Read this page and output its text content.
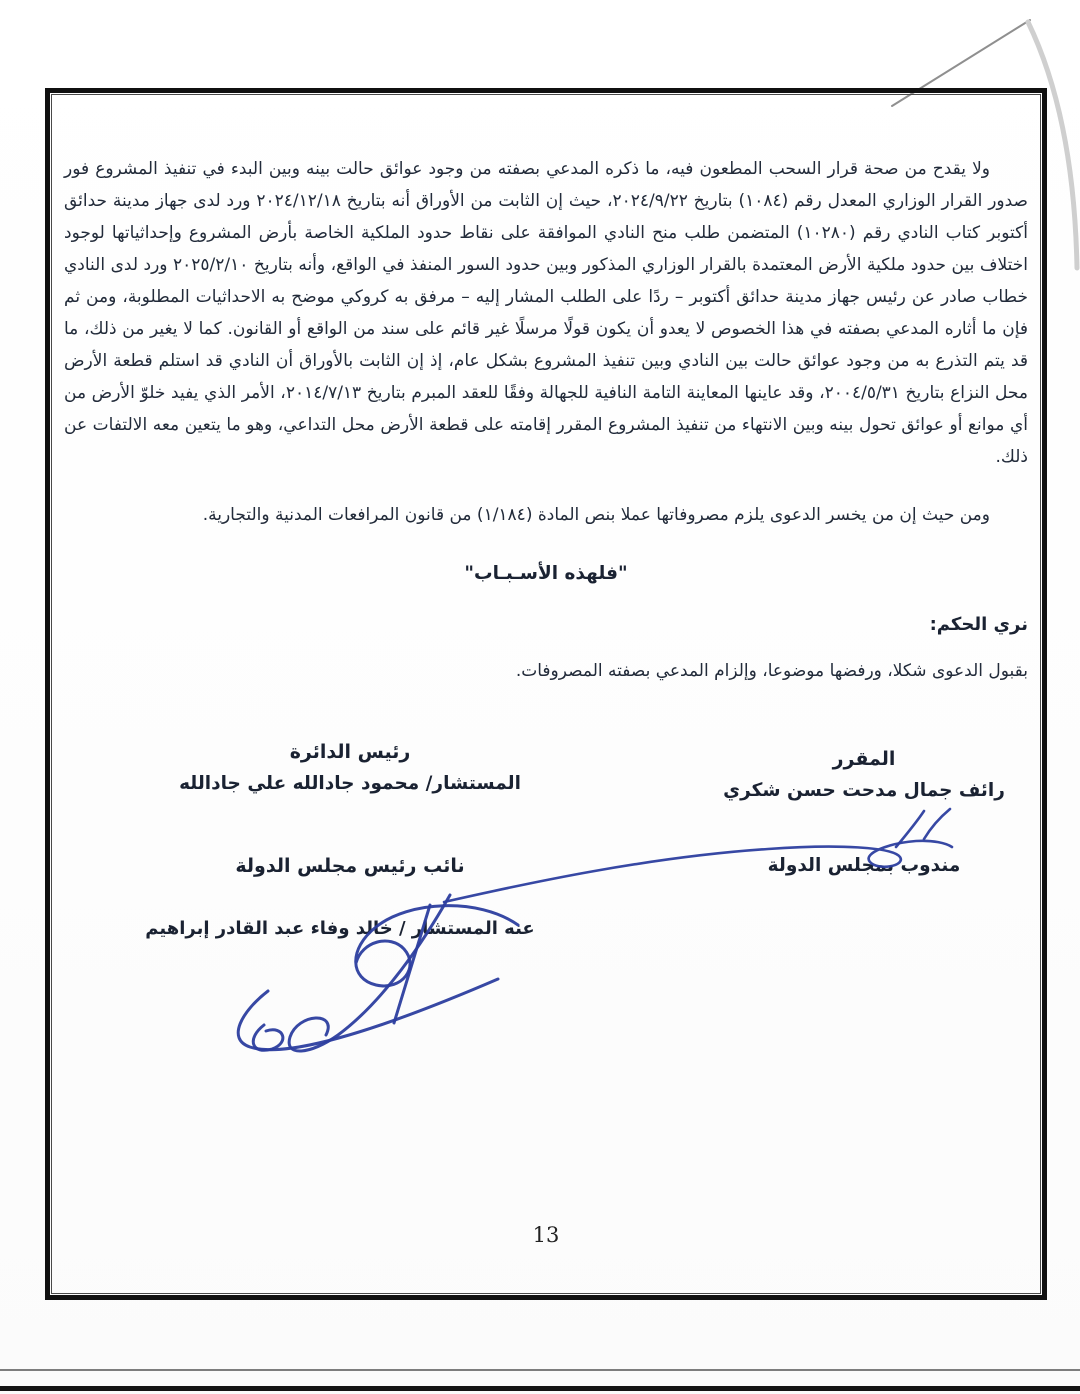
ولا يقدح من صحة قرار السحب المطعون فيه، ما ذكره المدعي بصفته من وجود عوائق حالت بينه وبين البدء في تنفيذ المشروع فور صدور القرار الوزاري المعدل رقم (١٠٨٤) بتاريخ ٢٠٢٤/٩/٢٢، حيث إن الثابت من الأوراق أنه بتاريخ ٢٠٢٤/١٢/١٨ ورد لدى جهاز مدينة حدائق أكتوبر كتاب النادي رقم (١٠٢٨٠) المتضمن طلب منح النادي الموافقة على نقاط حدود الملكية الخاصة بأرض المشروع وإحداثياتها لوجود اختلاف بين حدود ملكية الأرض المعتمدة بالقرار الوزاري المذكور وبين حدود السور المنفذ في الواقع، وأنه بتاريخ ٢٠٢٥/٢/١٠ ورد لدى النادي خطاب صادر عن رئيس جهاز مدينة حدائق أكتوبر – ردًا على الطلب المشار إليه – مرفق به كروكي موضح به الاحداثيات المطلوبة، ومن ثم فإن ما أثاره المدعي بصفته في هذا الخصوص لا يعدو أن يكون قولًا مرسلًا غير قائم على سند من الواقع أو القانون. كما لا يغير من ذلك، ما قد يتم التذرع به من وجود عوائق حالت بين النادي وبين تنفيذ المشروع بشكل عام، إذ إن الثابت بالأوراق أن النادي قد استلم قطعة الأرض محل النزاع بتاريخ ٢٠٠٤/٥/٣١، وقد عاينها المعاينة التامة النافية للجهالة وفقًا للعقد المبرم بتاريخ ٢٠١٤/٧/١٣، الأمر الذي يفيد خلوّ الأرض من أي موانع أو عوائق تحول بينه وبين الانتهاء من تنفيذ المشروع المقرر إقامته على قطعة الأرض محل التداعي، وهو ما يتعين معه الالتفات عن ذلك.

ومن حيث إن من يخسر الدعوى يلزم مصروفاتها عملا بنص المادة (١/١٨٤) من قانون المرافعات المدنية والتجارية.

"فلهذه الأسـبـاب"
نري الحكم:

بقبول الدعوى شكلا، ورفضها موضوعا، وإلزام المدعي بصفته المصروفات.

المقرر
رائف جمال مدحت حسن شكري
مندوب بمجلس الدولة
رئيس الدائرة
المستشار/ محمود جادالله علي جادالله
نائب رئيس مجلس الدولة
عنه المستشار / خالد وفاء عبد القادر إبراهيم
13
